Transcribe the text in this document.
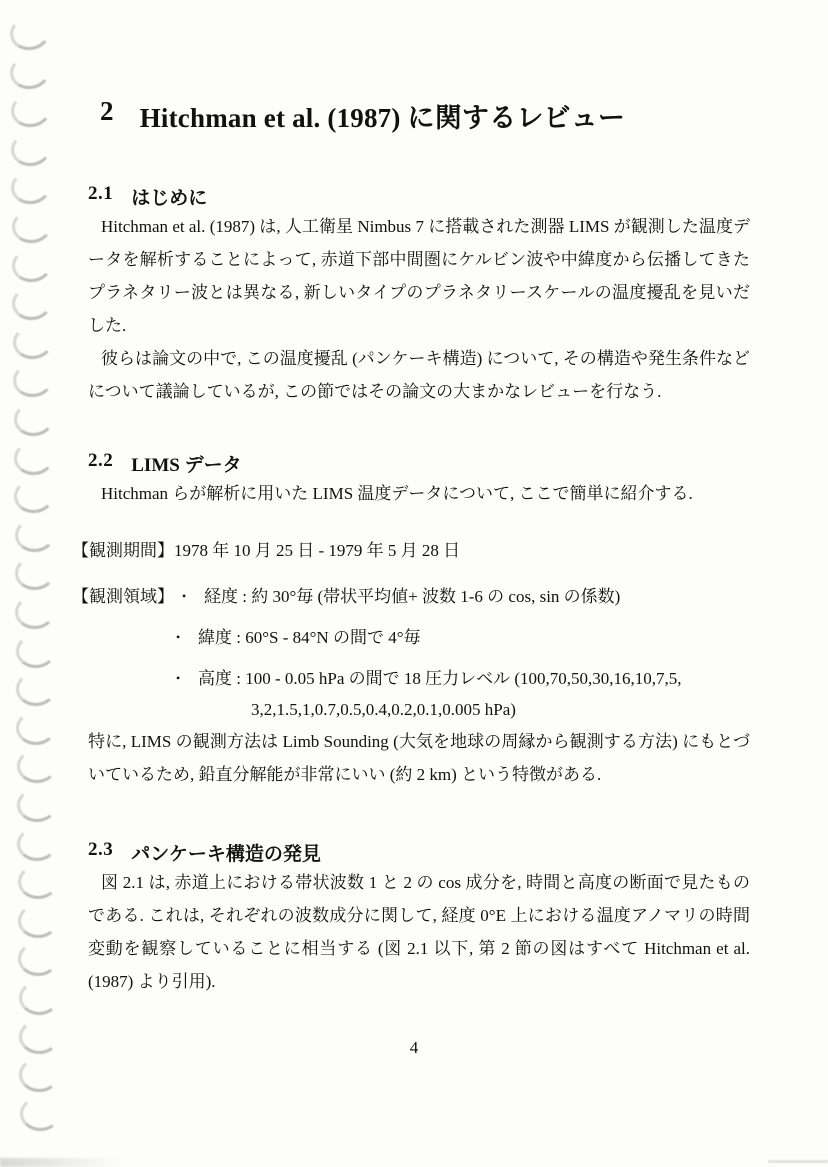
2 Hitchman et al. (1987) に関するレビュー
2.1 はじめに

Hitchman et al. (1987) は, 人工衛星 Nimbus 7 に搭載された測器 LIMS が観測した温度データを解析することによって, 赤道下部中間圏にケルビン波や中緯度から伝播してきたプラネタリー波とは異なる, 新しいタイプのプラネタリースケールの温度擾乱を見いだした.

彼らは論文の中で, この温度擾乱 (パンケーキ構造) について, その構造や発生条件などについて議論しているが, この節ではその論文の大まかなレビューを行なう.

2.2 LIMS データ

Hitchman らが解析に用いた LIMS 温度データについて, ここで簡単に紹介する.

【観測期間】 1978 年 10 月 25 日 - 1979 年 5 月 28 日
【観測領域】 •	経度 : 約 30°毎 (帯状平均値+ 波数 1-6 の cos, sin の係数)
•	緯度 : 60°S - 84°N の間で 4°毎
•	高度 : 100 - 0.05 hPa の間で 18 圧力レベル (100,70,50,30,16,10,7,5,
3,2,1.5,1,0.7,0.5,0.4,0.2,0.1,0.005 hPa)

特に, LIMS の観測方法は Limb Sounding (大気を地球の周縁から観測する方法) にもとづいているため, 鉛直分解能が非常にいい (約 2 km) という特徴がある.

2.3 パンケーキ構造の発見

図 2.1 は, 赤道上における帯状波数 1 と 2 の cos 成分を, 時間と高度の断面で見たものである. これは, それぞれの波数成分に関して, 経度 0°E 上における温度アノマリの時間変動を観察していることに相当する (図 2.1 以下, 第 2 節の図はすべて Hitchman et al. (1987) より引用).

4
